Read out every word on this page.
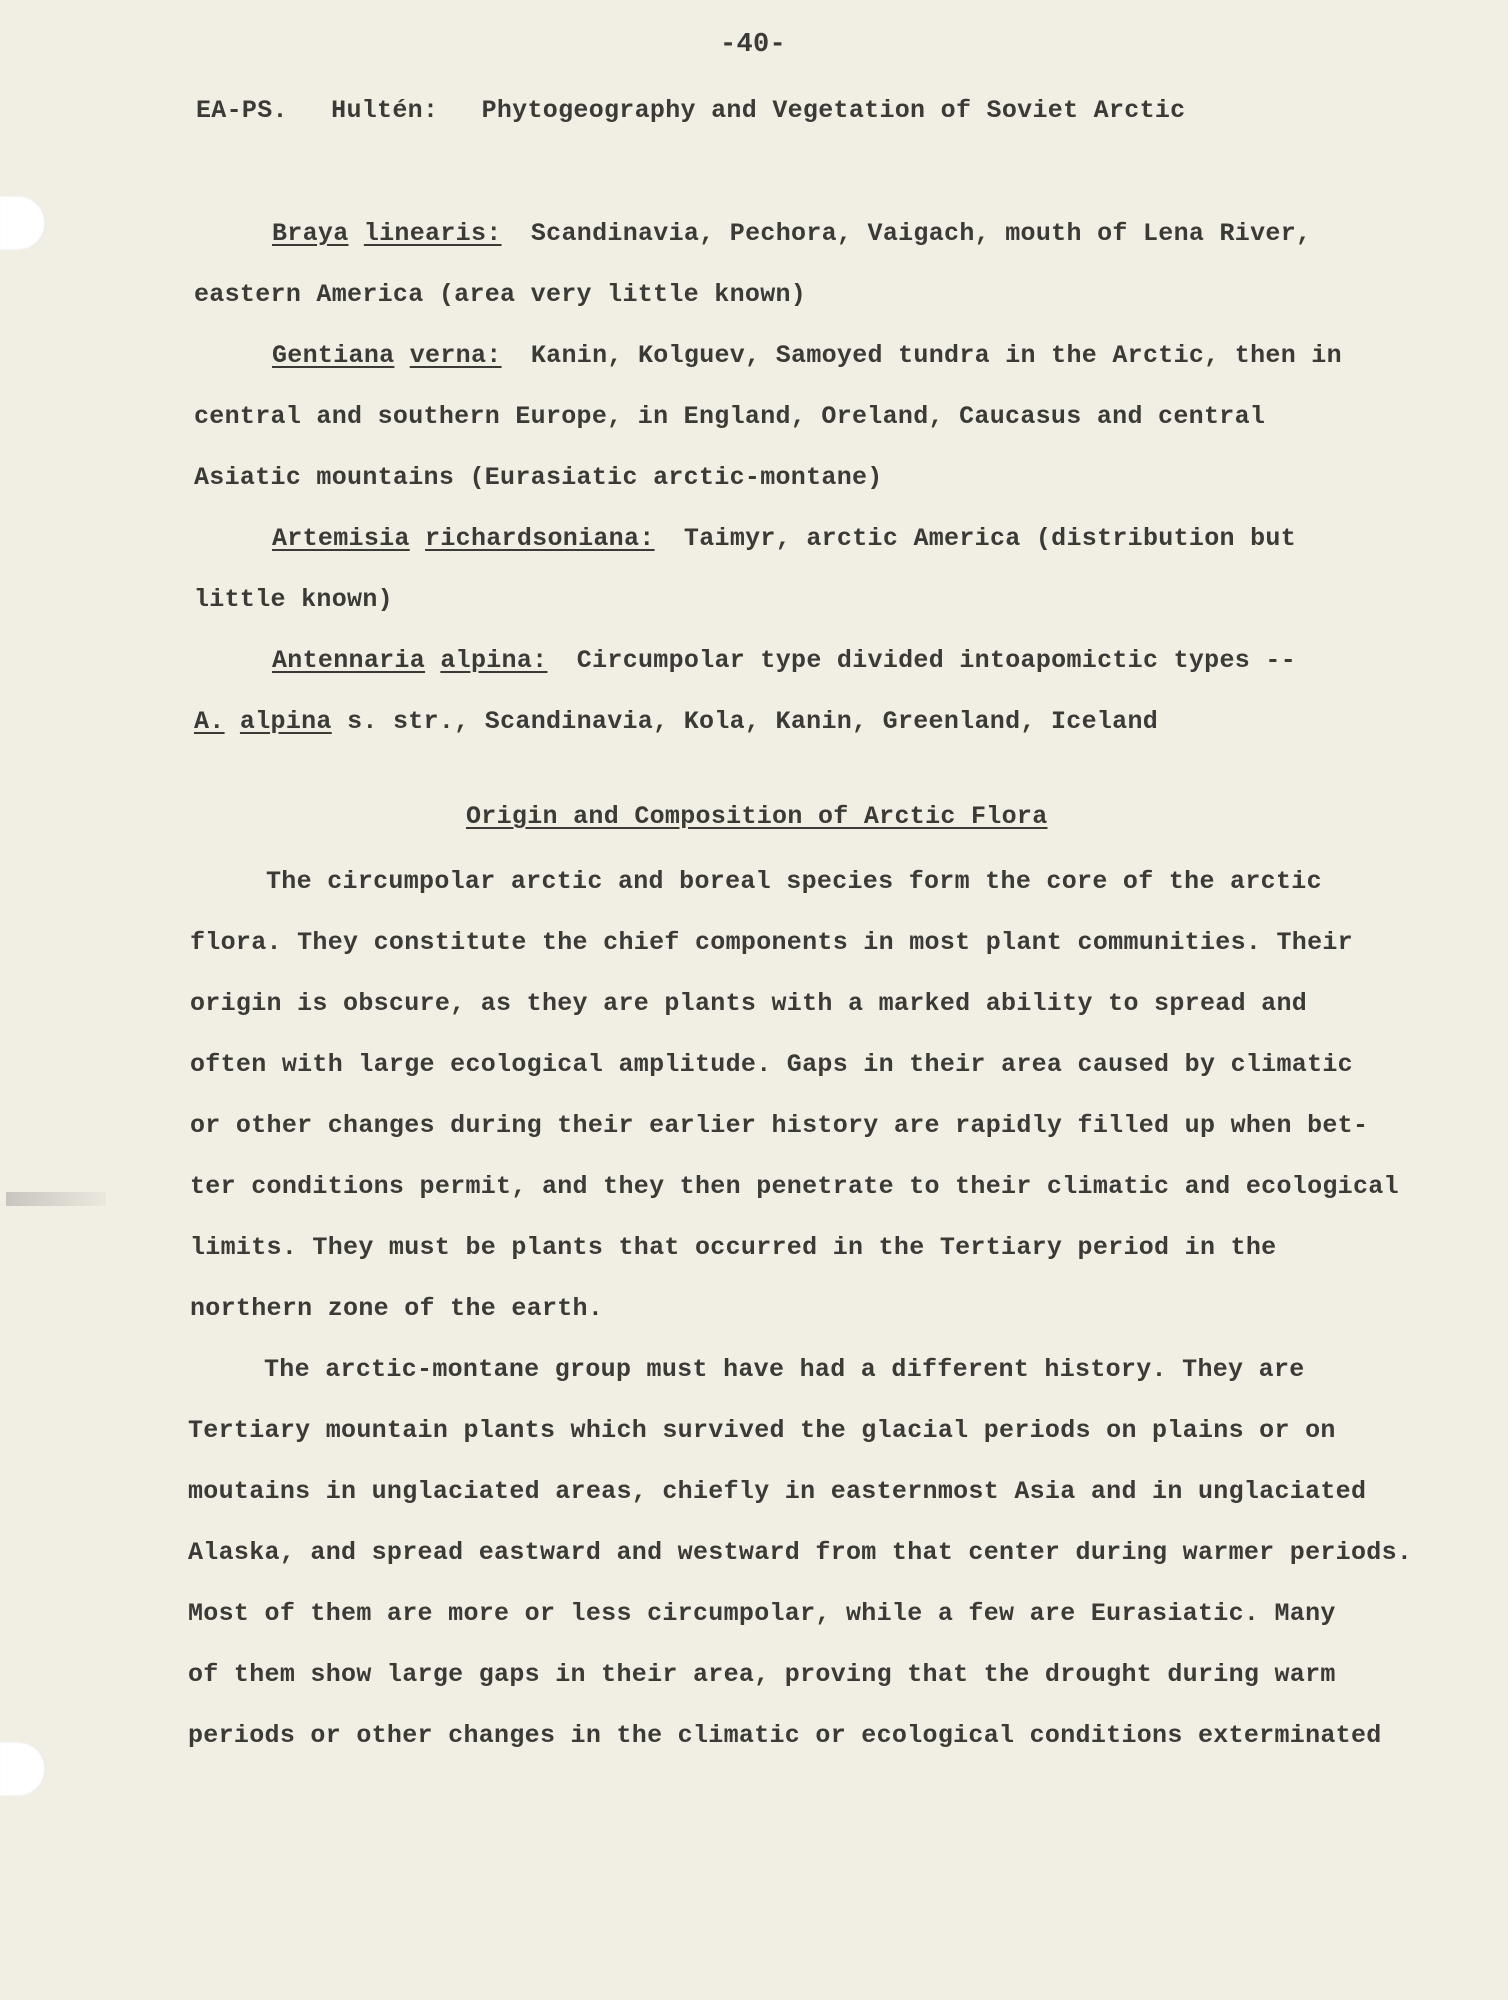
-40-
EA-PS. Hultén: Phytogeography and Vegetation of Soviet Arctic
Braya linearis: Scandinavia, Pechora, Vaigach, mouth of Lena River,
eastern America (area very little known)
Gentiana verna: Kanin, Kolguev, Samoyed tundra in the Arctic, then in
central and southern Europe, in England, Oreland, Caucasus and central
Asiatic mountains (Eurasiatic arctic-montane)
Artemisia richardsoniana: Taimyr, arctic America (distribution but
little known)
Antennaria alpina: Circumpolar type divided intoapomictic types --
A. alpina s. str., Scandinavia, Kola, Kanin, Greenland, Iceland
Origin and Composition of Arctic Flora
The circumpolar arctic and boreal species form the core of the arctic
flora. They constitute the chief components in most plant communities. Their
origin is obscure, as they are plants with a marked ability to spread and
often with large ecological amplitude. Gaps in their area caused by climatic
or other changes during their earlier history are rapidly filled up when bet-
ter conditions permit, and they then penetrate to their climatic and ecological
limits. They must be plants that occurred in the Tertiary period in the
northern zone of the earth.
The arctic-montane group must have had a different history. They are
Tertiary mountain plants which survived the glacial periods on plains or on
moutains in unglaciated areas, chiefly in easternmost Asia and in unglaciated
Alaska, and spread eastward and westward from that center during warmer periods.
Most of them are more or less circumpolar, while a few are Eurasiatic. Many
of them show large gaps in their area, proving that the drought during warm
periods or other changes in the climatic or ecological conditions exterminated
